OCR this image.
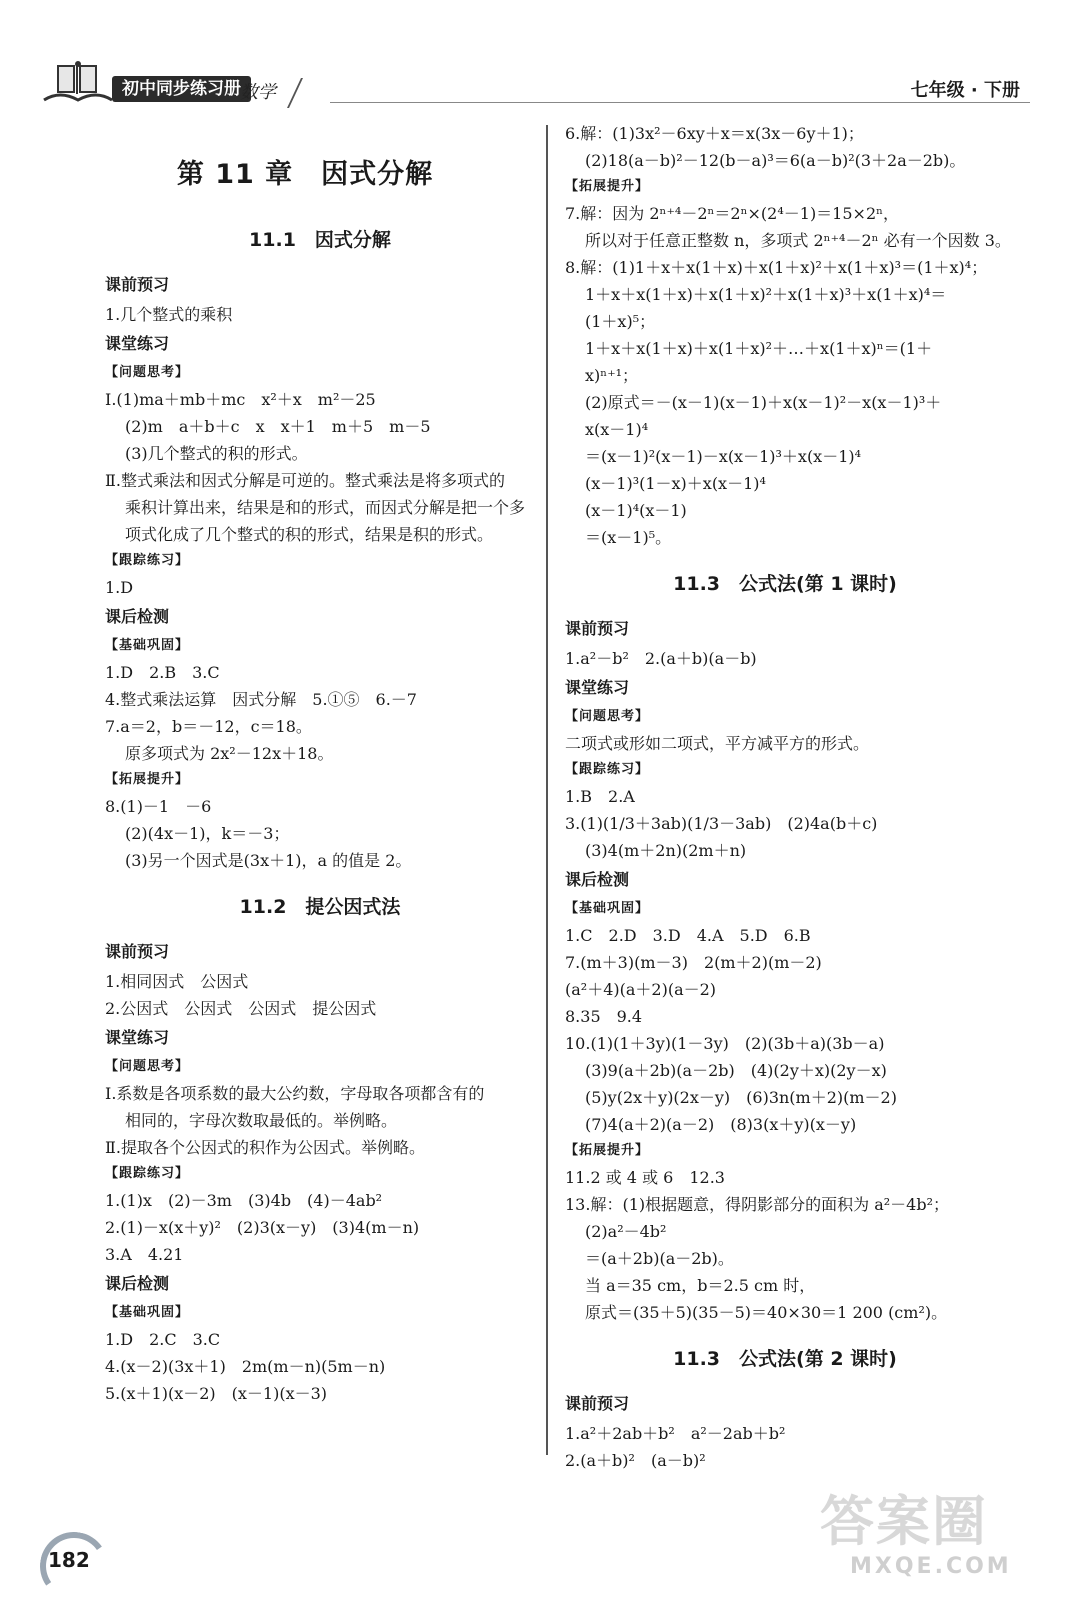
初中同步练习册 数学	七年级 · 下册
第 11 章　因式分解
11.1　因式分解
课前预习
1.几个整式的乘积
课堂练习
【问题思考】
Ⅰ.(1)ma＋mb＋mc　x²＋x　m²－25
(2)m　a＋b＋c　x　x＋1　m＋5　m－5
(3)几个整式的积的形式。
Ⅱ.整式乘法和因式分解是可逆的。整式乘法是将多项式的
乘积计算出来，结果是和的形式，而因式分解是把一个多
项式化成了几个整式的积的形式，结果是积的形式。
【跟踪练习】
1.D
课后检测
【基础巩固】
1.D　2.B　3.C
4.整式乘法运算　因式分解　5.①⑤　6.－7
7.a＝2，b＝－12，c＝18。
原多项式为 2x²－12x＋18。
【拓展提升】
8.(1)－1　－6
(2)(4x－1)，k＝－3；
(3)另一个因式是(3x＋1)，a 的值是 2。
11.2　提公因式法
课前预习
1.相同因式　公因式
2.公因式　公因式　公因式　提公因式
课堂练习
【问题思考】
Ⅰ.系数是各项系数的最大公约数，字母取各项都含有的
相同的，字母次数取最低的。举例略。
Ⅱ.提取各个公因式的积作为公因式。举例略。
【跟踪练习】
1.(1)x　(2)－3m　(3)4b　(4)－4ab²
2.(1)－x(x＋y)²　(2)3(x－y)　(3)4(m－n)
3.A　4.21
课后检测
【基础巩固】
1.D　2.C　3.C
4.(x－2)(3x＋1)　2m(m－n)(5m－n)
5.(x＋1)(x－2)　(x－1)(x－3)
6.解：(1)3x²－6xy＋x＝x(3x－6y＋1)；
(2)18(a－b)²－12(b－a)³＝6(a－b)²(3＋2a－2b)。
【拓展提升】
7.解：因为 2ⁿ⁺⁴－2ⁿ＝2ⁿ×(2⁴－1)＝15×2ⁿ，
所以对于任意正整数 n，多项式 2ⁿ⁺⁴－2ⁿ 必有一个因数 3。
8.解：(1)1＋x＋x(1＋x)＋x(1＋x)²＋x(1＋x)³＝(1＋x)⁴；
1＋x＋x(1＋x)＋x(1＋x)²＋x(1＋x)³＋x(1＋x)⁴＝
(1＋x)⁵；
1＋x＋x(1＋x)＋x(1＋x)²＋…＋x(1＋x)ⁿ＝(1＋
x)ⁿ⁺¹；
(2)原式＝－(x－1)(x－1)＋x(x－1)²－x(x－1)³＋
x(x－1)⁴
＝(x－1)²(x－1)－x(x－1)³＋x(x－1)⁴
(x－1)³(1－x)＋x(x－1)⁴
(x－1)⁴(x－1)
＝(x－1)⁵。
11.3　公式法(第 1 课时)
课前预习
1.a²－b²　2.(a＋b)(a－b)
课堂练习
【问题思考】
二项式或形如二项式，平方减平方的形式。
【跟踪练习】
1.B　2.A
3.(1)(1/3＋3ab)(1/3－3ab)　(2)4a(b＋c)
(3)4(m＋2n)(2m＋n)
课后检测
【基础巩固】
1.C　2.D　3.D　4.A　5.D　6.B
7.(m＋3)(m－3)　2(m＋2)(m－2)
(a²＋4)(a＋2)(a－2)
8.35　9.4
10.(1)(1＋3y)(1－3y)　(2)(3b＋a)(3b－a)
(3)9(a＋2b)(a－2b)　(4)(2y＋x)(2y－x)
(5)y(2x＋y)(2x－y)　(6)3n(m＋2)(m－2)
(7)4(a＋2)(a－2)　(8)3(x＋y)(x－y)
【拓展提升】
11.2 或 4 或 6　12.3
13.解：(1)根据题意，得阴影部分的面积为 a²－4b²；
(2)a²－4b²
＝(a＋2b)(a－2b)。
当 a＝35 cm，b＝2.5 cm 时，
原式＝(35＋5)(35－5)＝40×30＝1 200 (cm²)。
11.3　公式法(第 2 课时)
课前预习
1.a²＋2ab＋b²　a²－2ab＋b²
2.(a＋b)²　(a－b)²
182
答案圈
MXQE.COM
